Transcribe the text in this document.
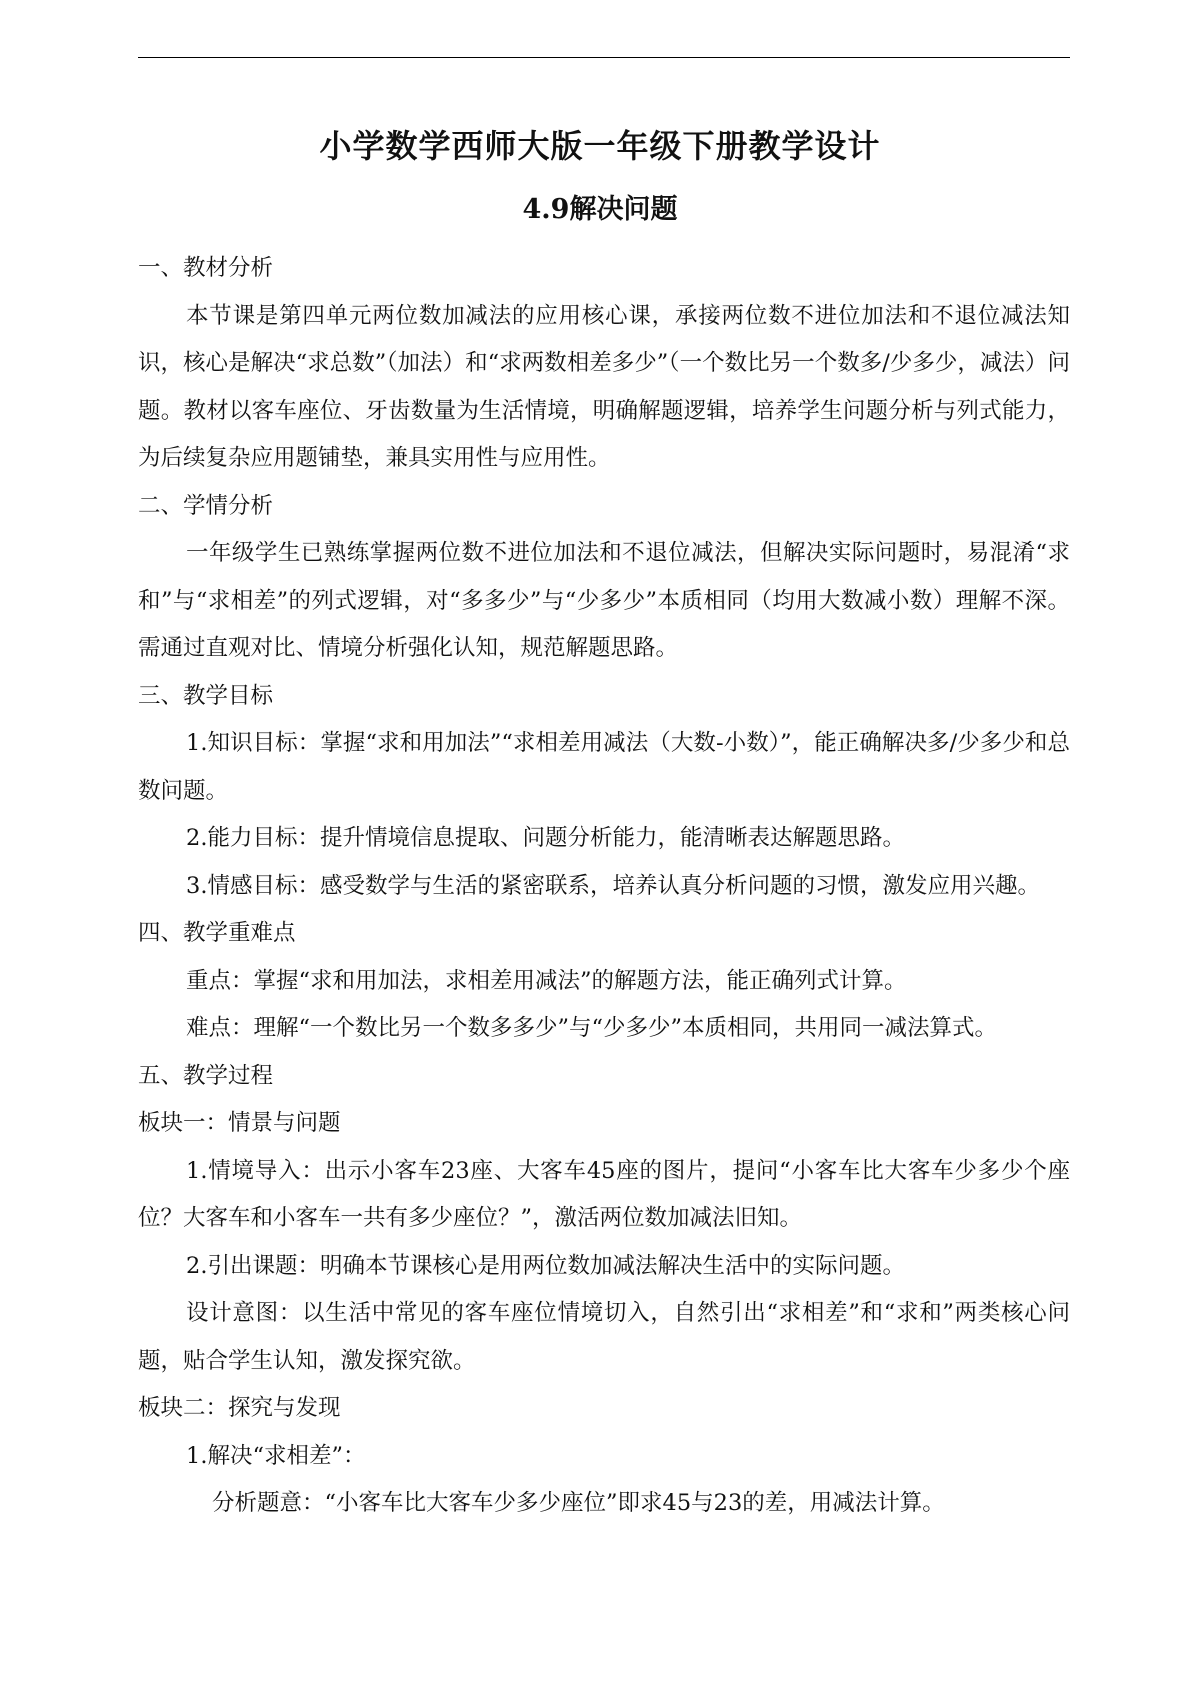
小学数学西师大版一年级下册教学设计
4.9解决问题

一、教材分析

本节课是第四单元两位数加减法的应用核心课，承接两位数不进位加法和不退位减法知识，核心是解决“求总数”（加法）和“求两数相差多少”（一个数比另一个数多/少多少，减法）问题。教材以客车座位、牙齿数量为生活情境，明确解题逻辑，培养学生问题分析与列式能力，为后续复杂应用题铺垫，兼具实用性与应用性。

二、学情分析

一年级学生已熟练掌握两位数不进位加法和不退位减法，但解决实际问题时，易混淆“求和”与“求相差”的列式逻辑，对“多多少”与“少多少”本质相同（均用大数减小数）理解不深。需通过直观对比、情境分析强化认知，规范解题思路。

三、教学目标

1.知识目标：掌握“求和用加法”“求相差用减法（大数-小数）”，能正确解决多/少多少和总数问题。

2.能力目标：提升情境信息提取、问题分析能力，能清晰表达解题思路。

3.情感目标：感受数学与生活的紧密联系，培养认真分析问题的习惯，激发应用兴趣。

四、教学重难点

重点：掌握“求和用加法，求相差用减法”的解题方法，能正确列式计算。

难点：理解“一个数比另一个数多多少”与“少多少”本质相同，共用同一减法算式。

五、教学过程

板块一：情景与问题

1.情境导入：出示小客车23座、大客车45座的图片，提问“小客车比大客车少多少个座位？大客车和小客车一共有多少座位？”，激活两位数加减法旧知。

2.引出课题：明确本节课核心是用两位数加减法解决生活中的实际问题。

设计意图：以生活中常见的客车座位情境切入，自然引出“求相差”和“求和”两类核心问题，贴合学生认知，激发探究欲。

板块二：探究与发现

1.解决“求相差”：

分析题意：“小客车比大客车少多少座位”即求45与23的差，用减法计算。
